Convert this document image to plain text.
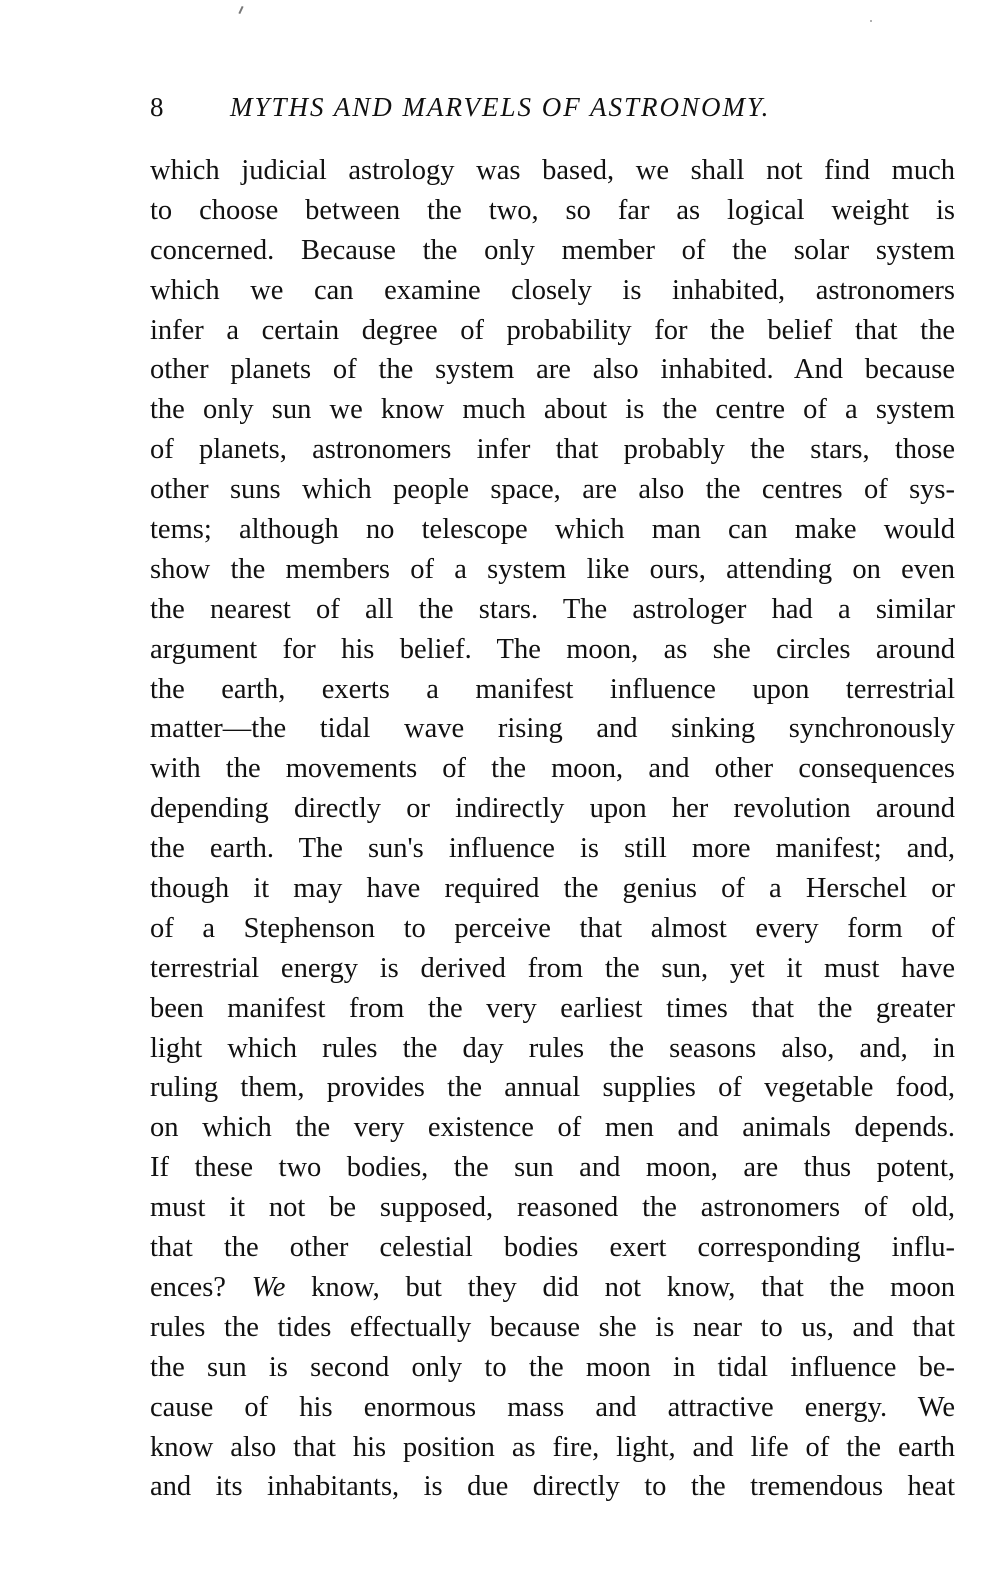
8 MYTHS AND MARVELS OF ASTRONOMY.
which judicial astrology was based, we shall not find much
to choose between the two, so far as logical weight is
concerned. Because the only member of the solar system
which we can examine closely is inhabited, astronomers
infer a certain degree of probability for the belief that the
other planets of the system are also inhabited. And because
the only sun we know much about is the centre of a system
of planets, astronomers infer that probably the stars, those
other suns which people space, are also the centres of sys-
tems; although no telescope which man can make would
show the members of a system like ours, attending on even
the nearest of all the stars. The astrologer had a similar
argument for his belief. The moon, as she circles around
the earth, exerts a manifest influence upon terrestrial
matter—the tidal wave rising and sinking synchronously
with the movements of the moon, and other consequences
depending directly or indirectly upon her revolution around
the earth. The sun's influence is still more manifest; and,
though it may have required the genius of a Herschel or
of a Stephenson to perceive that almost every form of
terrestrial energy is derived from the sun, yet it must have
been manifest from the very earliest times that the greater
light which rules the day rules the seasons also, and, in
ruling them, provides the annual supplies of vegetable food,
on which the very existence of men and animals depends.
If these two bodies, the sun and moon, are thus potent,
must it not be supposed, reasoned the astronomers of old,
that the other celestial bodies exert corresponding influ-
ences? We know, but they did not know, that the moon
rules the tides effectually because she is near to us, and that
the sun is second only to the moon in tidal influence be-
cause of his enormous mass and attractive energy. We
know also that his position as fire, light, and life of the earth
and its inhabitants, is due directly to the tremendous heat
